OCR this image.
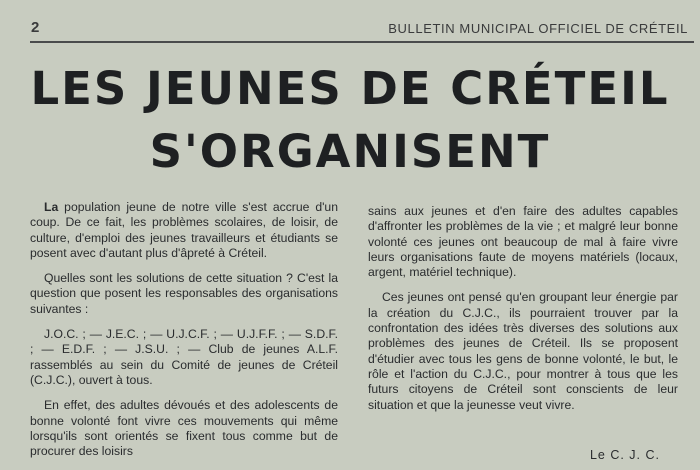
2	BULLETIN MUNICIPAL OFFICIEL DE CRÉTEIL
LES JEUNES DE CRÉTEIL
S'ORGANISENT

La population jeune de notre ville s'est accrue d'un coup. De ce fait, les problèmes scolaires, de loisir, de culture, d'emploi des jeunes travailleurs et étudiants se posent avec d'autant plus d'âpreté à Créteil.

Quelles sont les solutions de cette situation ? C'est la question que posent les responsables des organisations suivantes :

J.O.C. ; — J.E.C. ; — U.J.C.F. ; — U.J.F.F. ; — S.D.F. ; — E.D.F. ; — J.S.U. ; — Club de jeunes A.L.F. rassemblés au sein du Comité de jeunes de Créteil (C.J.C.), ouvert à tous.

En effet, des adultes dévoués et des adolescents de bonne volonté font vivre ces mouvements qui même lorsqu'ils sont orientés se fixent tous comme but de procurer des loisirs

sains aux jeunes et d'en faire des adultes capables d'affronter les problèmes de la vie ; et malgré leur bonne volonté ces jeunes ont beaucoup de mal à faire vivre leurs organisations faute de moyens matériels (locaux, argent, matériel technique).

Ces jeunes ont pensé qu'en groupant leur énergie par la création du C.J.C., ils pourraient trouver par la confrontation des idées très diverses des solutions aux problèmes des jeunes de Créteil. Ils se proposent d'étudier avec tous les gens de bonne volonté, le but, le rôle et l'action du C.J.C., pour montrer à tous que les futurs citoyens de Créteil sont conscients de leur situation et que la jeunesse veut vivre.

Le C. J. C.
